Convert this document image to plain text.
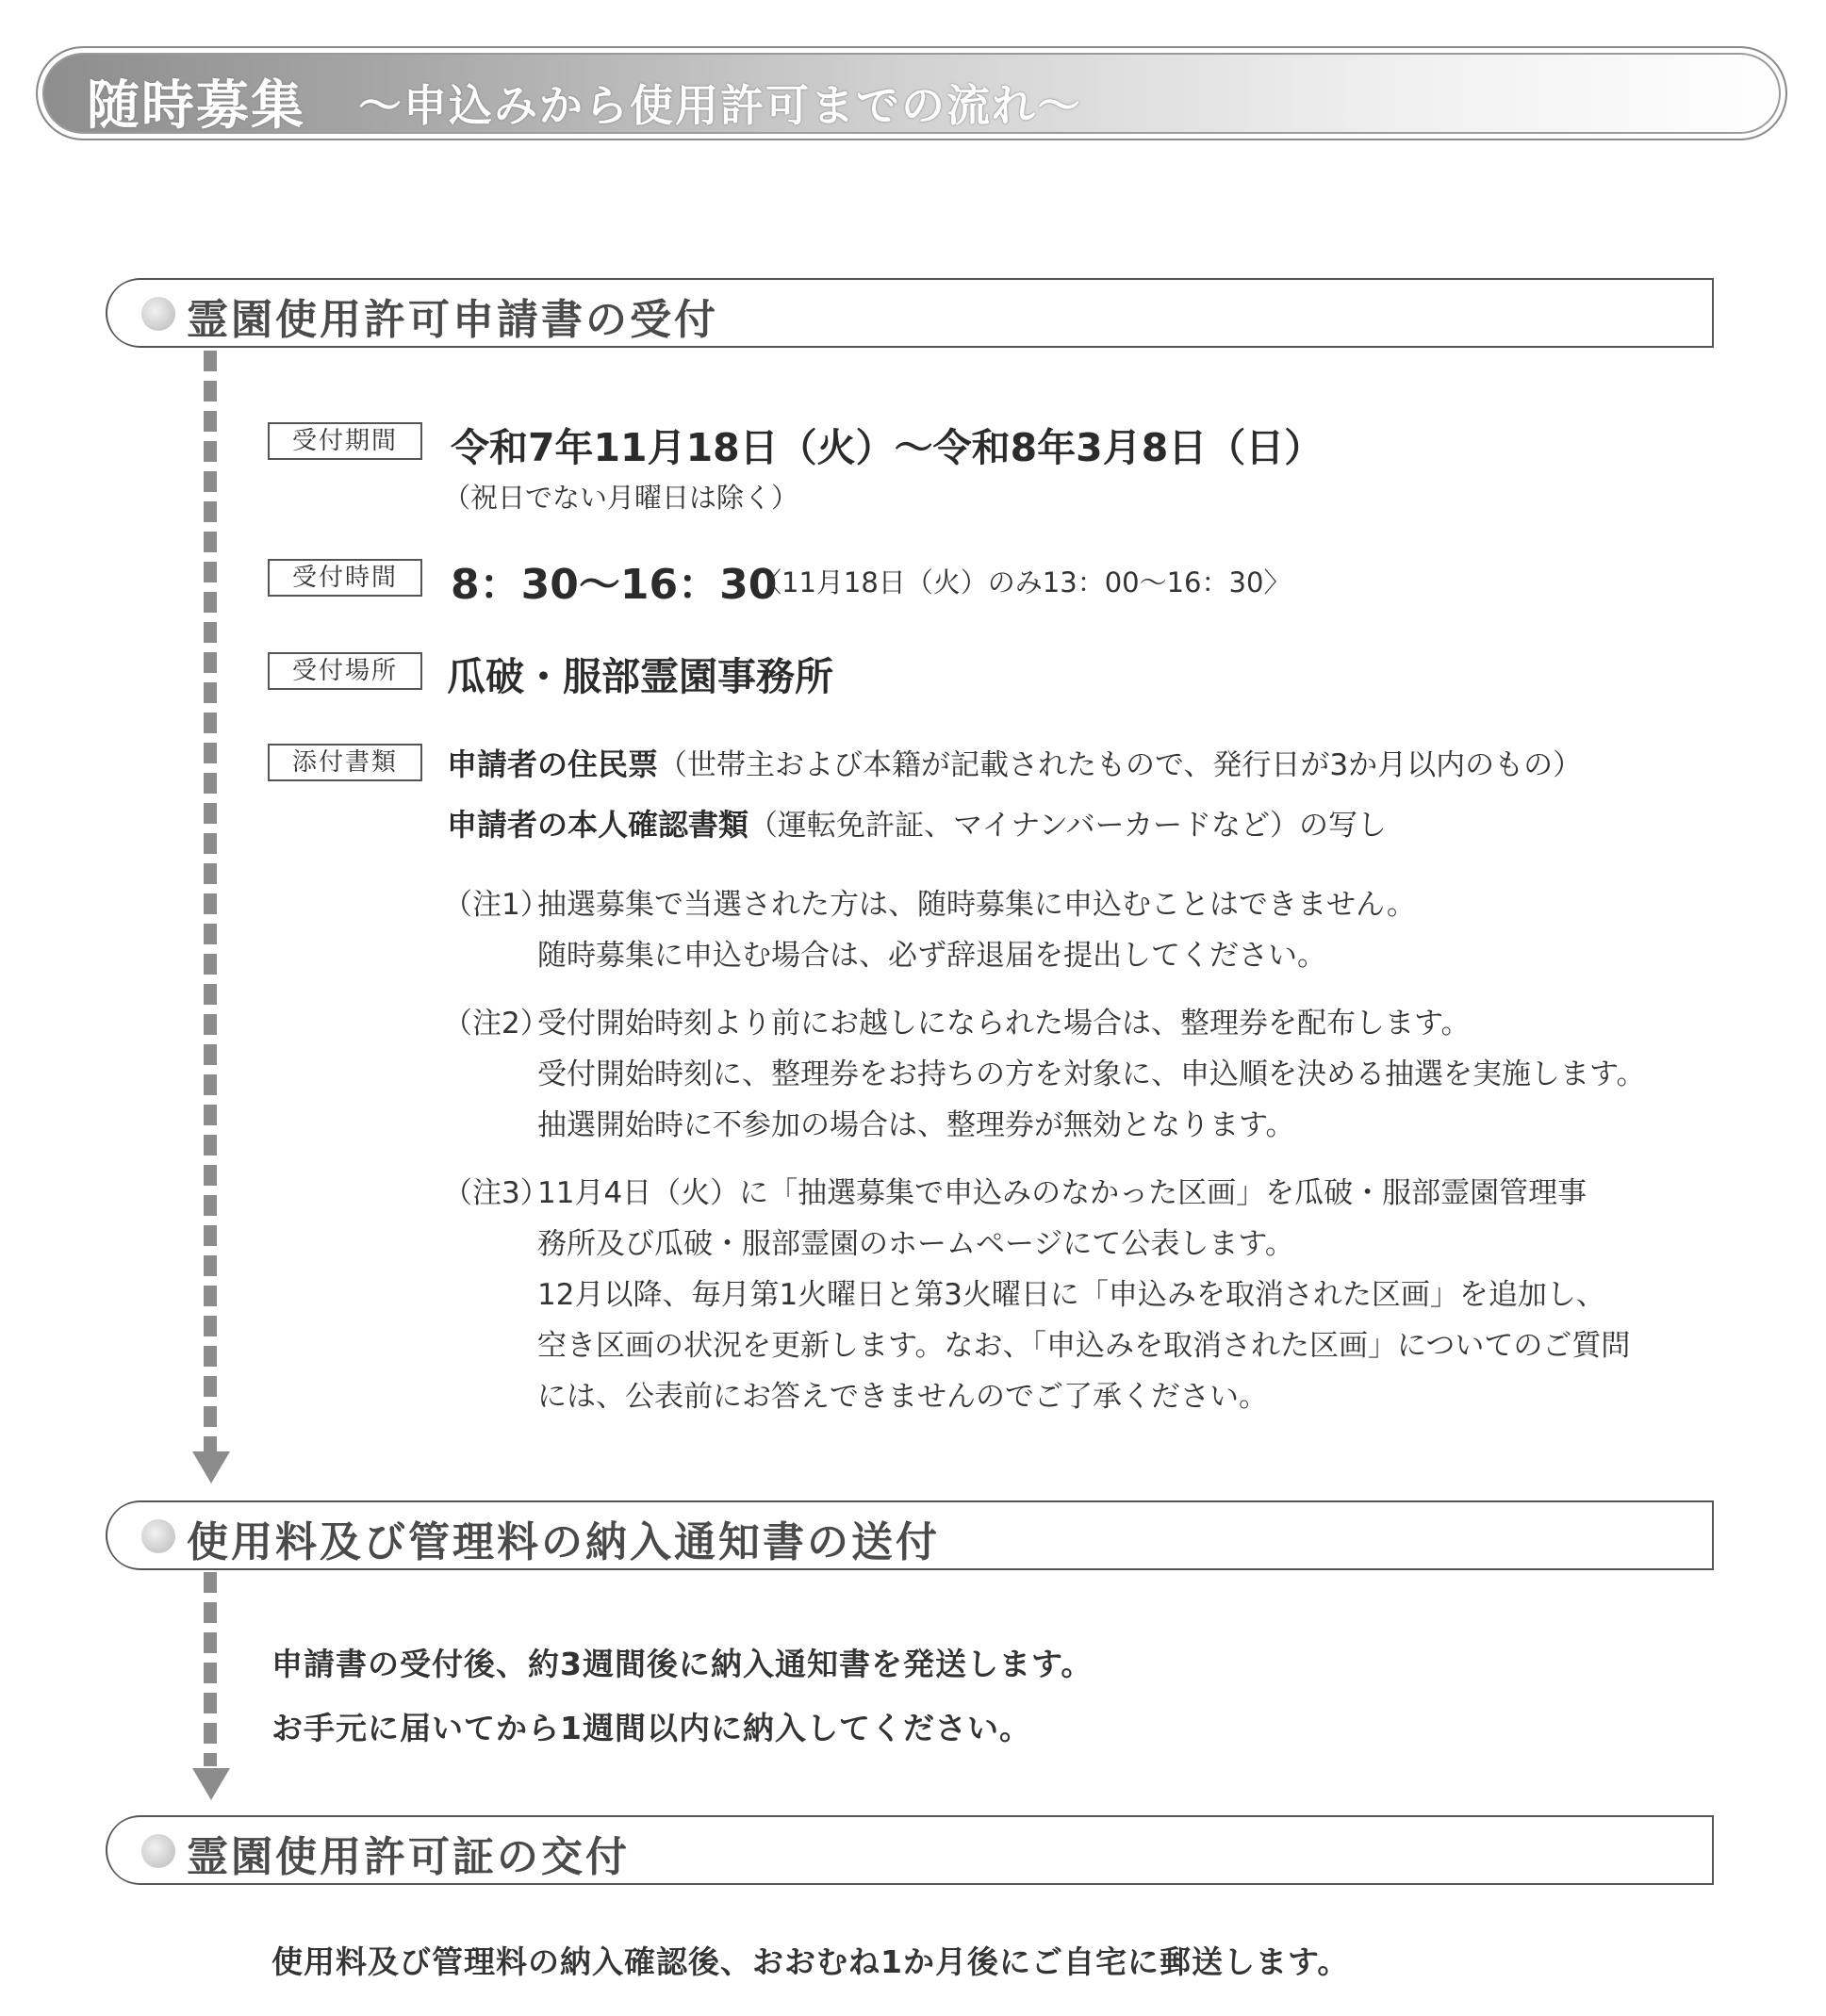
随時募集 ～申込みから使用許可までの流れ～
霊園使用許可申請書の受付
受付期間	令和7年11月18日（火）～令和8年3月8日（日）
（祝日でない月曜日は除く）
受付時間	8：30～16：30
〈11月18日（火）のみ13：00～16：30〉
受付場所	瓜破・服部霊園事務所
添付書類	申請者の住民票（世帯主および本籍が記載されたもので、発行日が3か月以内のもの）
申請者の本人確認書類（運転免許証、マイナンバーカードなど）の写し
（注1）
抽選募集で当選された方は、随時募集に申込むことはできません。
随時募集に申込む場合は、必ず辞退届を提出してください。
（注2）
受付開始時刻より前にお越しになられた場合は、整理券を配布します。
受付開始時刻に、整理券をお持ちの方を対象に、申込順を決める抽選を実施します。
抽選開始時に不参加の場合は、整理券が無効となります。
（注3）
11月4日（火）に「抽選募集で申込みのなかった区画」を瓜破・服部霊園管理事
務所及び瓜破・服部霊園のホームページにて公表します。
12月以降、毎月第1火曜日と第3火曜日に「申込みを取消された区画」を追加し、
空き区画の状況を更新します。なお、「申込みを取消された区画」についてのご質問
には、公表前にお答えできませんのでご了承ください。
使用料及び管理料の納入通知書の送付
申請書の受付後、約3週間後に納入通知書を発送します。
お手元に届いてから1週間以内に納入してください。
霊園使用許可証の交付
使用料及び管理料の納入確認後、おおむね1か月後にご自宅に郵送します。
